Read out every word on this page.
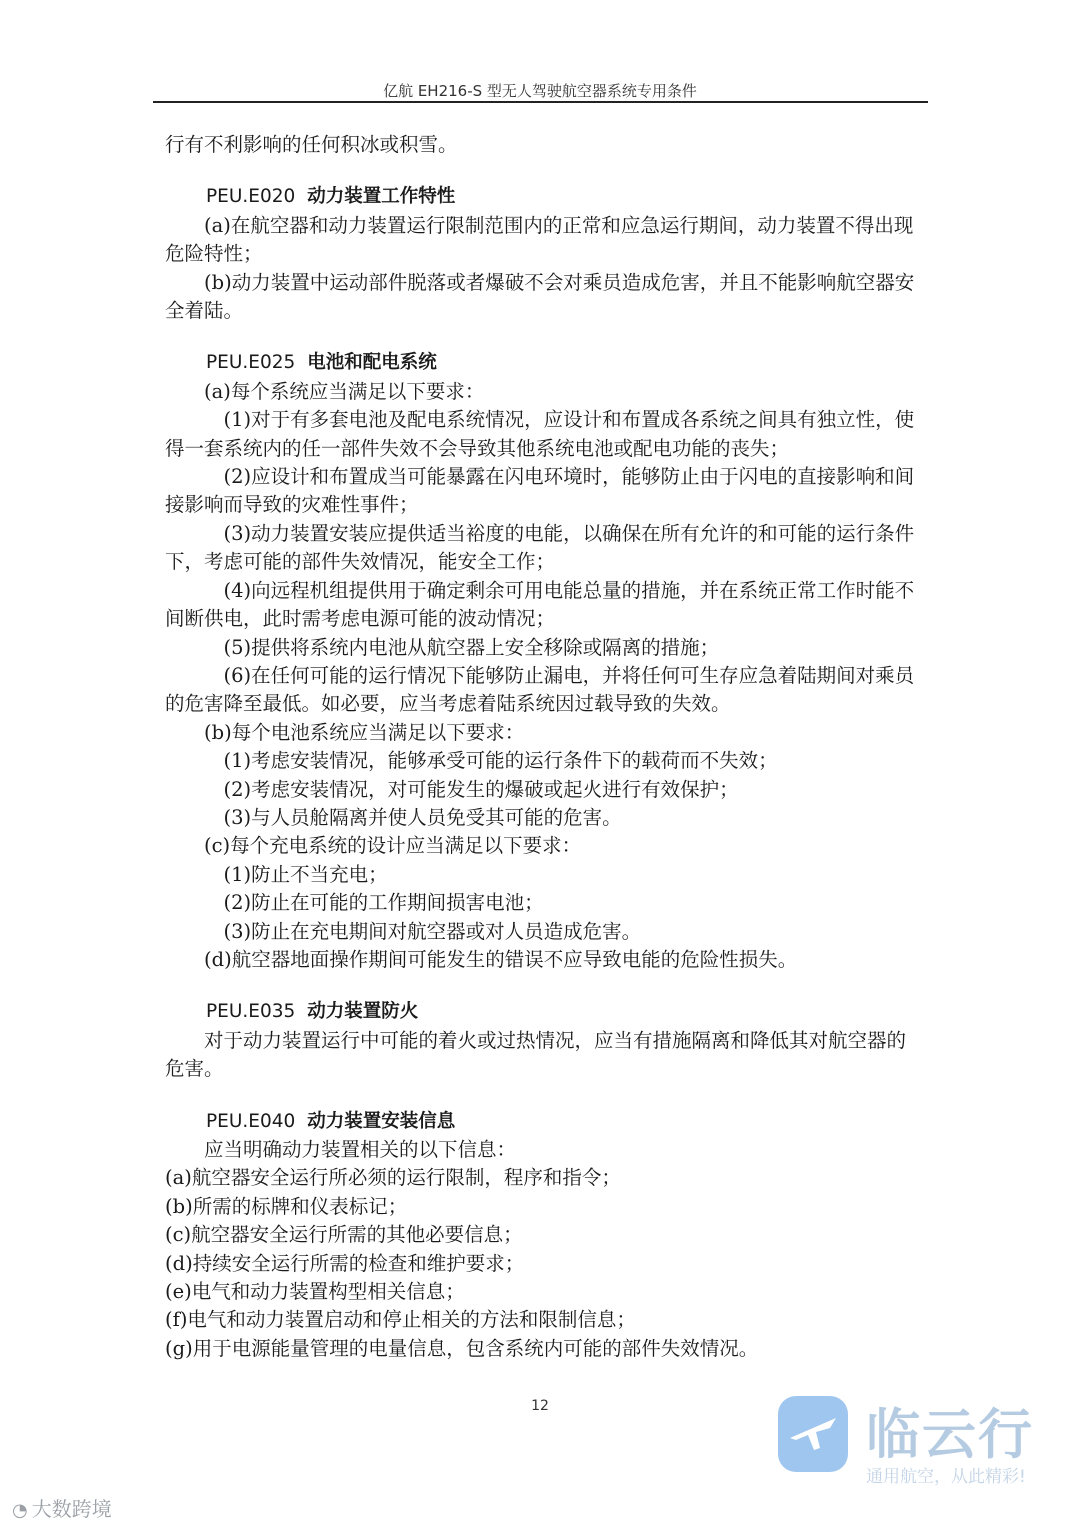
亿航 EH216-S 型无人驾驶航空器系统专用条件

行有不利影响的任何积冰或积雪。

PEU.E020 动力装置工作特性

(a)在航空器和动力装置运行限制范围内的正常和应急运行期间，动力装置不得出现危险特性；

(b)动力装置中运动部件脱落或者爆破不会对乘员造成危害，并且不能影响航空器安全着陆。

PEU.E025 电池和配电系统

(a)每个系统应当满足以下要求：

(1)对于有多套电池及配电系统情况，应设计和布置成各系统之间具有独立性，使得一套系统内的任一部件失效不会导致其他系统电池或配电功能的丧失；

(2)应设计和布置成当可能暴露在闪电环境时，能够防止由于闪电的直接影响和间接影响而导致的灾难性事件；

(3)动力装置安装应提供适当裕度的电能，以确保在所有允许的和可能的运行条件下，考虑可能的部件失效情况，能安全工作；

(4)向远程机组提供用于确定剩余可用电能总量的措施，并在系统正常工作时能不间断供电，此时需考虑电源可能的波动情况；

(5)提供将系统内电池从航空器上安全移除或隔离的措施；

(6)在任何可能的运行情况下能够防止漏电，并将任何可生存应急着陆期间对乘员的危害降至最低。如必要，应当考虑着陆系统因过载导致的失效。

(b)每个电池系统应当满足以下要求：

(1)考虑安装情况，能够承受可能的运行条件下的载荷而不失效；

(2)考虑安装情况，对可能发生的爆破或起火进行有效保护；

(3)与人员舱隔离并使人员免受其可能的危害。

(c)每个充电系统的设计应当满足以下要求：

(1)防止不当充电；

(2)防止在可能的工作期间损害电池；

(3)防止在充电期间对航空器或对人员造成危害。

(d)航空器地面操作期间可能发生的错误不应导致电能的危险性损失。

PEU.E035 动力装置防火

对于动力装置运行中可能的着火或过热情况，应当有措施隔离和降低其对航空器的危害。

PEU.E040 动力装置安装信息

应当明确动力装置相关的以下信息：

(a)航空器安全运行所必须的运行限制，程序和指令；

(b)所需的标牌和仪表标记；

(c)航空器安全运行所需的其他必要信息；

(d)持续安全运行所需的检查和维护要求；

(e)电气和动力装置构型相关信息；

(f)电气和动力装置启动和停止相关的方法和限制信息；

(g)用于电源能量管理的电量信息，包含系统内可能的部件失效情况。

12	临云行
通用航空，从此精彩!
◔ 大数跨境
